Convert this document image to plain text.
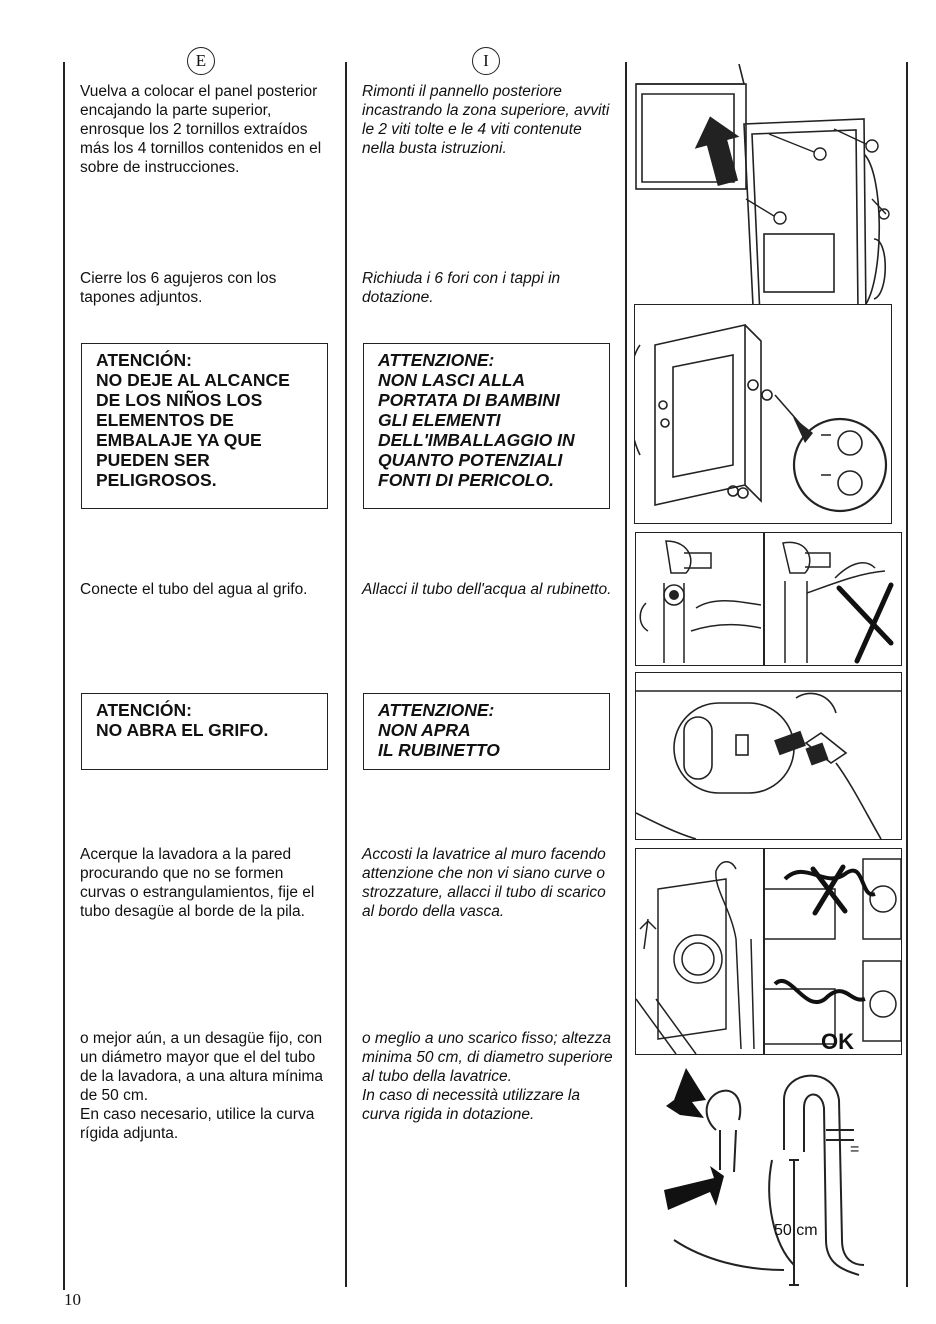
E	I
Vuelva a colocar el panel posterior encajando la parte superior, enrosque los 2 tornillos extraídos más los 4 tornillos contenidos en el sobre de instrucciones.
Rimonti il pannello posteriore incastrando la zona superiore, avviti le 2 viti tolte e le 4 viti contenute nella busta istruzioni.
Cierre los 6 agujeros con los tapones adjuntos.
Richiuda i 6 fori con i tappi in dotazione.
ATENCIÓN:
NO DEJE AL ALCANCE
DE LOS NIÑOS LOS
ELEMENTOS DE
EMBALAJE YA QUE
PUEDEN SER
PELIGROSOS.
ATTENZIONE:
NON LASCI ALLA
PORTATA DI BAMBINI
GLI ELEMENTI
DELL'IMBALLAGGIO IN
QUANTO POTENZIALI
FONTI DI PERICOLO.
Conecte el tubo del agua al grifo.	Allacci il tubo dell'acqua al rubinetto.
ATENCIÓN:
NO ABRA EL GRIFO.
ATTENZIONE:
NON APRA
IL RUBINETTO
Acerque la lavadora a la pared procurando que no se formen curvas o estrangulamientos, fije el tubo desagüe al borde de la pila.
Accosti la lavatrice al muro facendo attenzione che non vi siano curve o strozzature, allacci il tubo di scarico al bordo della vasca.
o mejor aún, a un desagüe fijo, con un diámetro mayor que el del tubo de la lavadora, a una altura mínima de 50 cm.
En caso necesario, utilice la curva rígida adjunta.
o meglio a uno scarico fisso; altezza minima 50 cm, di diametro superiore al tubo della lavatrice.
In caso di necessità utilizzare la curva rigida in dotazione.
OK
50 cm
=
10
